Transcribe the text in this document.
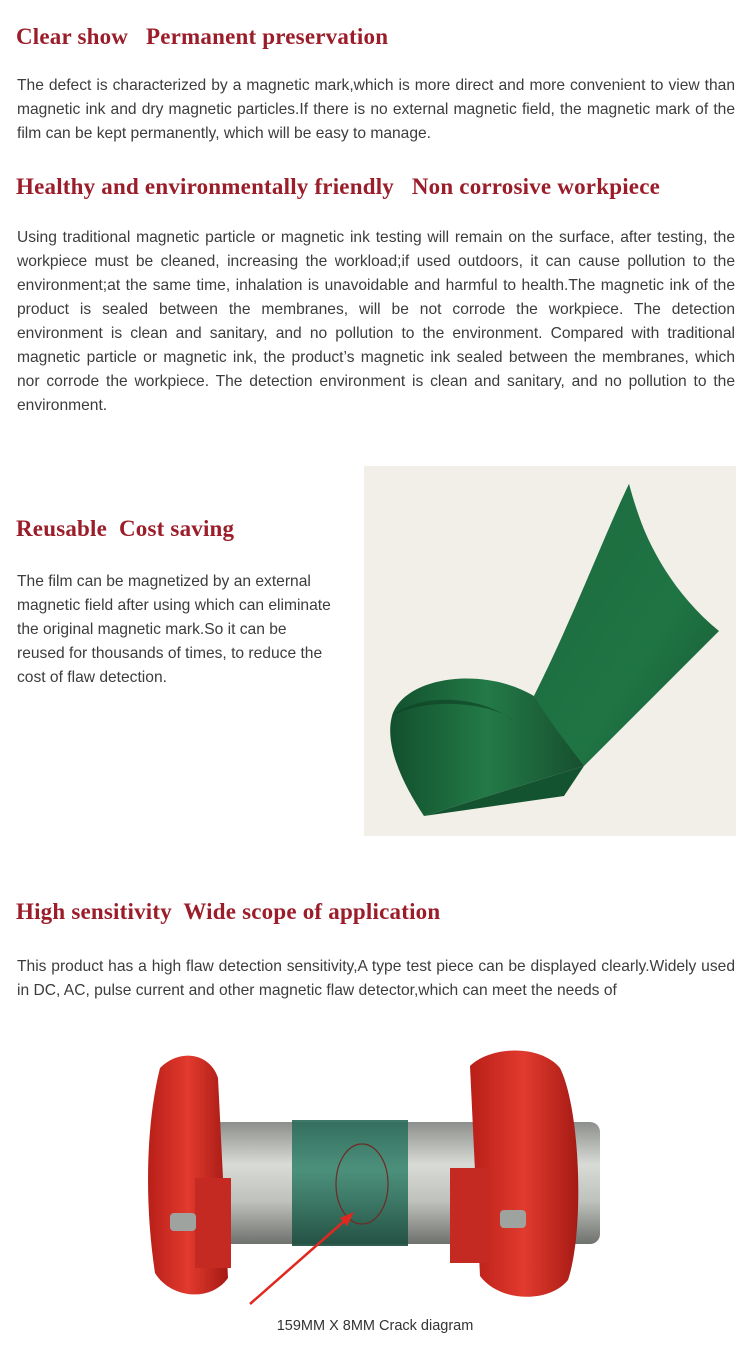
Clear show   Permanent preservation

The defect is characterized by a magnetic mark,which is more direct and more convenient to view than magnetic ink and dry magnetic particles.If there is no external magnetic field, the magnetic mark of the film can be kept permanently, which will be easy to manage.

Healthy and environmentally friendly   Non corrosive workpiece

Using traditional magnetic particle or magnetic ink testing will remain on the surface, after testing, the workpiece must be cleaned, increasing the workload;if used outdoors, it can cause pollution to the environment;at the same time, inhalation is unavoidable and harmful to health.The magnetic ink of the product is sealed between the membranes, will be not corrode the workpiece. The detection environment is clean and sanitary, and no pollution to the environment. Compared with traditional magnetic particle or magnetic ink, the product’s magnetic ink sealed between the membranes, which nor corrode the workpiece. The detection environment is clean and sanitary, and no pollution to the environment.

Reusable  Cost saving

The film can be magnetized by an external magnetic field after using which can eliminate the original magnetic mark.So it can be reused for thousands of times, to reduce the cost of flaw detection.

High sensitivity  Wide scope of application

This product has a high flaw detection sensitivity,A type test piece can be displayed clearly.Widely used in DC, AC, pulse current and other magnetic flaw detector,which can meet the needs of

159MM X 8MM Crack diagram
